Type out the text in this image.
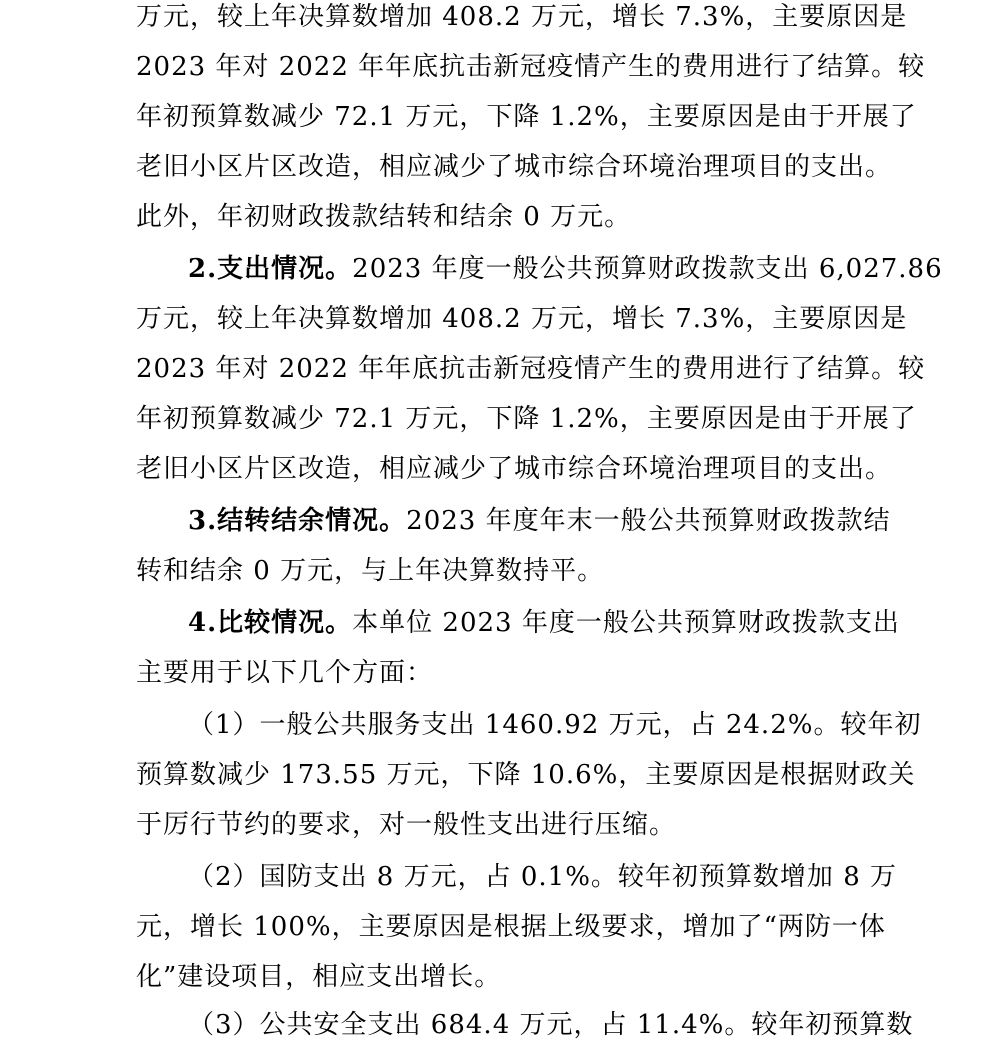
万元，较上年决算数增加 408.2 万元，增长 7.3%，主要原因是
2023 年对 2022 年年底抗击新冠疫情产生的费用进行了结算。较
年初预算数减少 72.1 万元，下降 1.2%，主要原因是由于开展了
老旧小区片区改造，相应减少了城市综合环境治理项目的支出。
此外，年初财政拨款结转和结余 0 万元。
2.支出情况。2023 年度一般公共预算财政拨款支出 6,027.86
万元，较上年决算数增加 408.2 万元，增长 7.3%，主要原因是
2023 年对 2022 年年底抗击新冠疫情产生的费用进行了结算。较
年初预算数减少 72.1 万元，下降 1.2%，主要原因是由于开展了
老旧小区片区改造，相应减少了城市综合环境治理项目的支出。
3.结转结余情况。2023 年度年末一般公共预算财政拨款结
转和结余 0 万元，与上年决算数持平。
4.比较情况。本单位 2023 年度一般公共预算财政拨款支出
主要用于以下几个方面：
（1）一般公共服务支出 1460.92 万元，占 24.2%。较年初
预算数减少 173.55 万元，下降 10.6%，主要原因是根据财政关
于厉行节约的要求，对一般性支出进行压缩。
（2）国防支出 8 万元，占 0.1%。较年初预算数增加 8 万
元，增长 100%，主要原因是根据上级要求，增加了“两防一体
化”建设项目，相应支出增长。
（3）公共安全支出 684.4 万元，占 11.4%。较年初预算数
